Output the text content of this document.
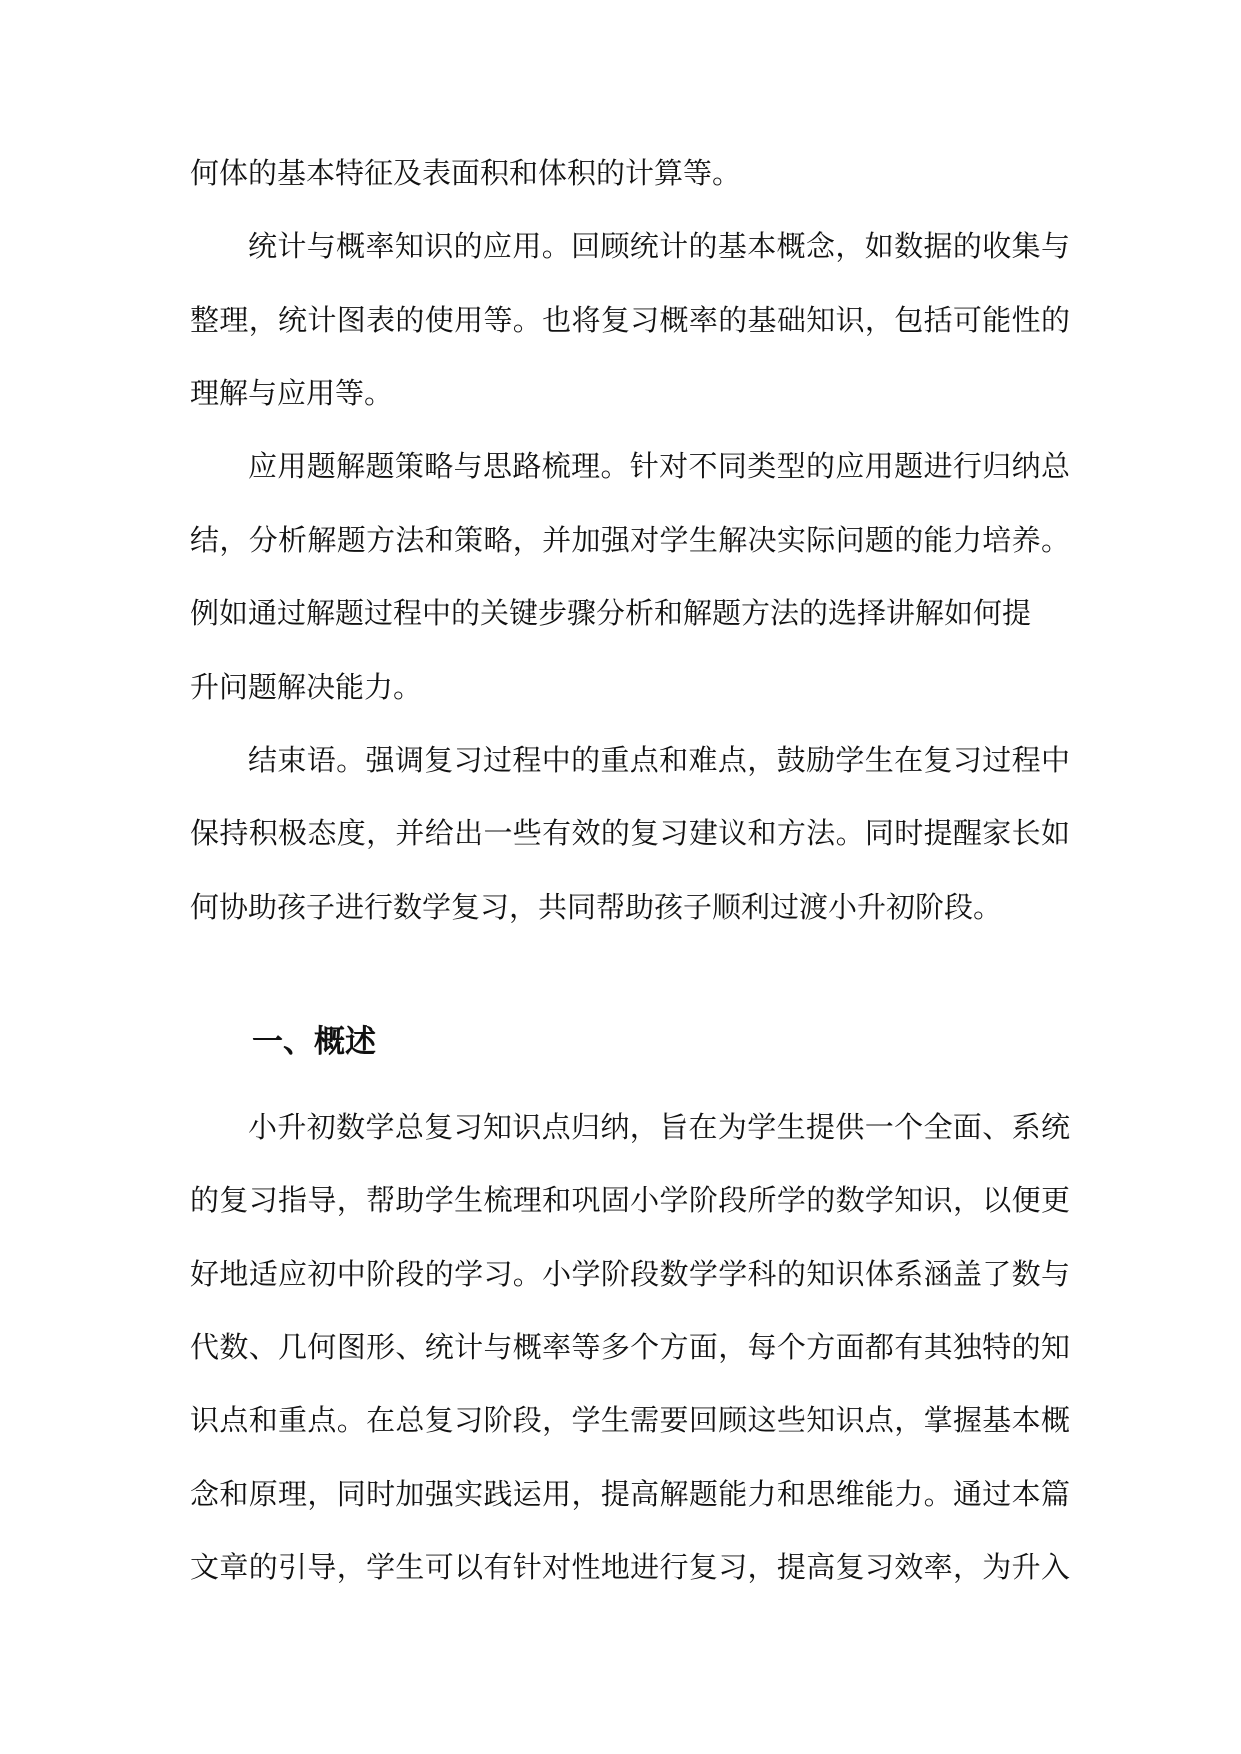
何体的基本特征及表面积和体积的计算等。
统计与概率知识的应用。回顾统计的基本概念，如数据的收集与
整理，统计图表的使用等。也将复习概率的基础知识，包括可能性的
理解与应用等。
应用题解题策略与思路梳理。针对不同类型的应用题进行归纳总
结，分析解题方法和策略，并加强对学生解决实际问题的能力培养。
例如通过解题过程中的关键步骤分析和解题方法的选择讲解如何提
升问题解决能力。
结束语。强调复习过程中的重点和难点，鼓励学生在复习过程中
保持积极态度，并给出一些有效的复习建议和方法。同时提醒家长如
何协助孩子进行数学复习，共同帮助孩子顺利过渡小升初阶段。
一、概述
小升初数学总复习知识点归纳，旨在为学生提供一个全面、系统
的复习指导，帮助学生梳理和巩固小学阶段所学的数学知识，以便更
好地适应初中阶段的学习。小学阶段数学学科的知识体系涵盖了数与
代数、几何图形、统计与概率等多个方面，每个方面都有其独特的知
识点和重点。在总复习阶段，学生需要回顾这些知识点，掌握基本概
念和原理，同时加强实践运用，提高解题能力和思维能力。通过本篇
文章的引导，学生可以有针对性地进行复习，提高复习效率，为升入
